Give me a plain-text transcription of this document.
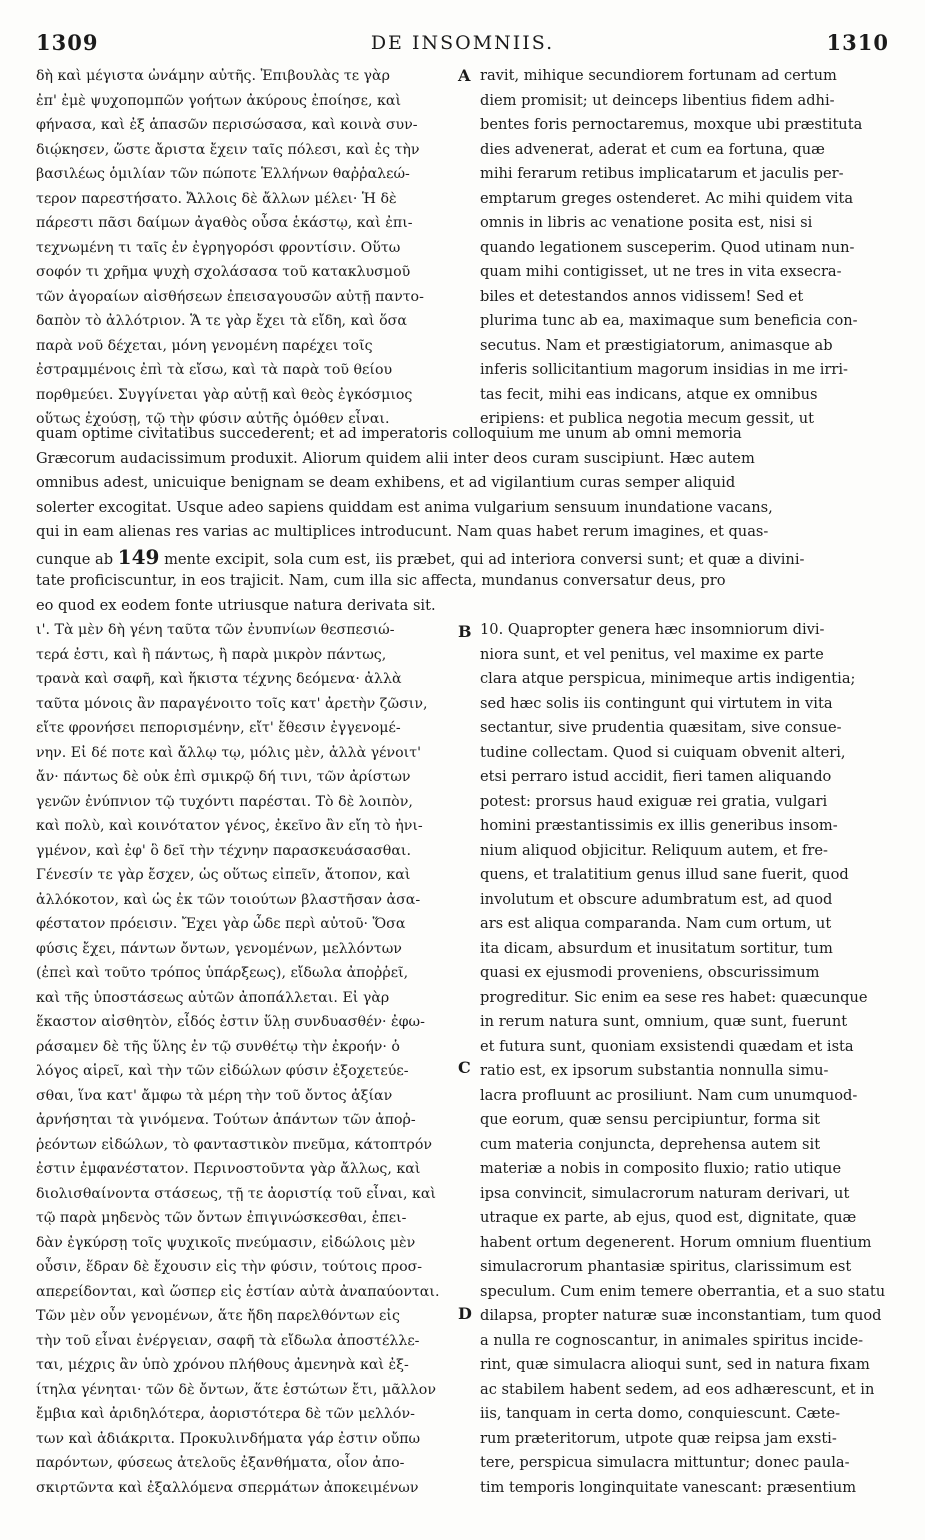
1309	DE INSOMNIIS.	1310
A
B
C
D
δὴ καὶ μέγιστα ὠνάμην αὐτῆς. Ἐπιβουλὰς τε γὰρ
ἐπ' ἐμὲ ψυχοπομπῶν γοήτων ἀκύρους ἐποίησε, καὶ
φήνασα, καὶ ἐξ ἁπασῶν περισώσασα, καὶ κοινὰ συν-
διῴκησεν, ὥστε ἄριστα ἔχειν ταῖς πόλεσι, καὶ ἐς τὴν
βασιλέως ὁμιλίαν τῶν πώποτε Ἑλλήνων θαῤῥαλεώ-
τερον παρεστήσατο. Ἄλλοις δὲ ἄλλων μέλει· Ἡ δὲ
πάρεστι πᾶσι δαίμων ἀγαθὸς οὖσα ἑκάστῳ, καὶ ἐπι-
τεχνωμένη τι ταῖς ἐν ἐγρηγορόσι φροντίσιν. Οὕτω
σοφόν τι χρῆμα ψυχὴ σχολάσασα τοῦ κατακλυσμοῦ
τῶν ἀγοραίων αἰσθήσεων ἐπεισαγουσῶν αὐτῇ παντο-
δαπὸν τὸ ἀλλότριον. Ἅ τε γὰρ ἔχει τὰ εἴδη, καὶ ὅσα
παρὰ νοῦ δέχεται, μόνη γενομένη παρέχει τοῖς
ἐστραμμένοις ἐπὶ τὰ εἴσω, καὶ τὰ παρὰ τοῦ θείου
πορθμεύει. Συγγίνεται γὰρ αὐτῇ καὶ θεὸς ἐγκόσμιος
οὕτως ἐχούσῃ, τῷ τὴν φύσιν αὐτῆς ὁμόθεν εἶναι.
ravit, mihique secundiorem fortunam ad certum
diem promisit; ut deinceps libentius fidem adhi-
bentes foris pernoctaremus, moxque ubi præstituta
dies advenerat, aderat et cum ea fortuna, quæ
mihi ferarum retibus implicatarum et jaculis per-
emptarum greges ostenderet. Ac mihi quidem vita
omnis in libris ac venatione posita est, nisi si
quando legationem susceperim. Quod utinam nun-
quam mihi contigisset, ut ne tres in vita exsecra-
biles et detestandos annos vidissem! Sed et
plurima tunc ab ea, maximaque sum beneficia con-
secutus. Nam et præstigiatorum, animasque ab
inferis sollicitantium magorum insidias in me irri-
tas fecit, mihi eas indicans, atque ex omnibus
eripiens: et publica negotia mecum gessit, ut
quam optime civitatibus succederent; et ad imperatoris colloquium me unum ab omni memoria
Græcorum audacissimum produxit. Aliorum quidem alii inter deos curam suscipiunt. Hæc autem
omnibus adest, unicuique benignam se deam exhibens, et ad vigilantium curas semper aliquid
solerter excogitat. Usque adeo sapiens quiddam est anima vulgarium sensuum inundatione vacans,
qui in eam alienas res varias ac multiplices introducunt. Nam quas habet rerum imagines, et quas-
cunque ab 149 mente excipit, sola cum est, iis præbet, qui ad interiora conversi sunt; et quæ a divini-
tate proficiscuntur, in eos trajicit. Nam, cum illa sic affecta, mundanus conversatur deus, pro
eo quod ex eodem fonte utriusque natura derivata sit.
ι'. Τὰ μὲν δὴ γένη ταῦτα τῶν ἐνυπνίων θεσπεσιώ-
τερά ἐστι, καὶ ἢ πάντως, ἢ παρὰ μικρὸν πάντως,
τρανὰ καὶ σαφῆ, καὶ ἥκιστα τέχνης δεόμενα· ἀλλὰ
ταῦτα μόνοις ἂν παραγένοιτο τοῖς κατ' ἀρετὴν ζῶσιν,
εἴτε φρονήσει πεπορισμένην, εἴτ' ἔθεσιν ἐγγενομέ-
νην. Εἰ δέ ποτε καὶ ἄλλῳ τῳ, μόλις μὲν, ἀλλὰ γένοιτ'
ἄν· πάντως δὲ οὐκ ἐπὶ σμικρῷ δή τινι, τῶν ἀρίστων
γενῶν ἐνύπνιον τῷ τυχόντι παρέσται. Τὸ δὲ λοιπὸν,
καὶ πολὺ, καὶ κοινότατον γένος, ἐκεῖνο ἂν εἴη τὸ ἠνι-
γμένον, καὶ ἐφ' ὃ δεῖ τὴν τέχνην παρασκευάσασθαι.
Γένεσίν τε γὰρ ἔσχεν, ὡς οὕτως εἰπεῖν, ἄτοπον, καὶ
ἀλλόκοτον, καὶ ὡς ἐκ τῶν τοιούτων βλαστῆσαν ἀσα-
φέστατον πρόεισιν. Ἔχει γὰρ ὧδε περὶ αὐτοῦ· Ὅσα
φύσις ἔχει, πάντων ὄντων, γενομένων, μελλόντων
(ἐπεὶ καὶ τοῦτο τρόπος ὑπάρξεως), εἴδωλα ἀποῤῥεῖ,
καὶ τῆς ὑποστάσεως αὐτῶν ἀποπάλλεται. Εἰ γὰρ
ἕκαστον αἰσθητὸν, εἶδός ἐστιν ὕλῃ συνδυασθέν· ἐφω-
ράσαμεν δὲ τῆς ὕλης ἐν τῷ συνθέτῳ τὴν ἐκροήν· ὁ
λόγος αἱρεῖ, καὶ τὴν τῶν εἰδώλων φύσιν ἐξοχετεύε-
σθαι, ἵνα κατ' ἄμφω τὰ μέρη τὴν τοῦ ὄντος ἀξίαν
ἀρνήσηται τὰ γινόμενα. Τούτων ἁπάντων τῶν ἀποῤ-
ῥεόντων εἰδώλων, τὸ φανταστικὸν πνεῦμα, κάτοπτρόν
ἐστιν ἐμφανέστατον. Περινοστοῦντα γὰρ ἄλλως, καὶ
διολισθαίνοντα στάσεως, τῇ τε ἀοριστίᾳ τοῦ εἶναι, καὶ
τῷ παρὰ μηδενὸς τῶν ὄντων ἐπιγινώσκεσθαι, ἐπει-
δὰν ἐγκύρσῃ τοῖς ψυχικοῖς πνεύμασιν, εἰδώλοις μὲν
οὖσιν, ἕδραν δὲ ἔχουσιν εἰς τὴν φύσιν, τούτοις προσ-
απερείδονται, καὶ ὥσπερ εἰς ἑστίαν αὐτὰ ἀναπαύονται.
Τῶν μὲν οὖν γενομένων, ἅτε ἤδη παρελθόντων εἰς
τὴν τοῦ εἶναι ἐνέργειαν, σαφῆ τὰ εἴδωλα ἀποστέλλε-
ται, μέχρις ἂν ὑπὸ χρόνου πλήθους ἀμενηνὰ καὶ ἐξ-
ίτηλα γένηται· τῶν δὲ ὄντων, ἅτε ἑστώτων ἔτι, μᾶλλον
ἔμβια καὶ ἀριδηλότερα, ἀοριστότερα δὲ τῶν μελλόν-
των καὶ ἀδιάκριτα. Προκυλινδήματα γάρ ἐστιν οὔπω
παρόντων, φύσεως ἀτελοῦς ἐξανθήματα, οἷον ἀπο-
σκιρτῶντα καὶ ἐξαλλόμενα σπερμάτων ἀποκειμένων
10. Quapropter genera hæc insomniorum divi-
niora sunt, et vel penitus, vel maxime ex parte
clara atque perspicua, minimeque artis indigentia;
sed hæc solis iis contingunt qui virtutem in vita
sectantur, sive prudentia quæsitam, sive consue-
tudine collectam. Quod si cuiquam obvenit alteri,
etsi perraro istud accidit, fieri tamen aliquando
potest: prorsus haud exiguæ rei gratia, vulgari
homini præstantissimis ex illis generibus insom-
nium aliquod objicitur. Reliquum autem, et fre-
quens, et tralatitium genus illud sane fuerit, quod
involutum et obscure adumbratum est, ad quod
ars est aliqua comparanda. Nam cum ortum, ut
ita dicam, absurdum et inusitatum sortitur, tum
quasi ex ejusmodi proveniens, obscurissimum
progreditur. Sic enim ea sese res habet: quæcunque
in rerum natura sunt, omnium, quæ sunt, fuerunt
et futura sunt, quoniam exsistendi quædam et ista
ratio est, ex ipsorum substantia nonnulla simu-
lacra profluunt ac prosiliunt. Nam cum unumquod-
que eorum, quæ sensu percipiuntur, forma sit
cum materia conjuncta, deprehensa autem sit
materiæ a nobis in composito fluxio; ratio utique
ipsa convincit, simulacrorum naturam derivari, ut
utraque ex parte, ab ejus, quod est, dignitate, quæ
habent ortum degenerent. Horum omnium fluentium
simulacrorum phantasiæ spiritus, clarissimum est
speculum. Cum enim temere oberrantia, et a suo statu
dilapsa, propter naturæ suæ inconstantiam, tum quod
a nulla re cognoscantur, in animales spiritus incide-
rint, quæ simulacra alioqui sunt, sed in natura fixam
ac stabilem habent sedem, ad eos adhærescunt, et in
iis, tanquam in certa domo, conquiescunt. Cæte-
rum præteritorum, utpote quæ reipsa jam exsti-
tere, perspicua simulacra mittuntur; donec paula-
tim temporis longinquitate vanescant: præsentium
